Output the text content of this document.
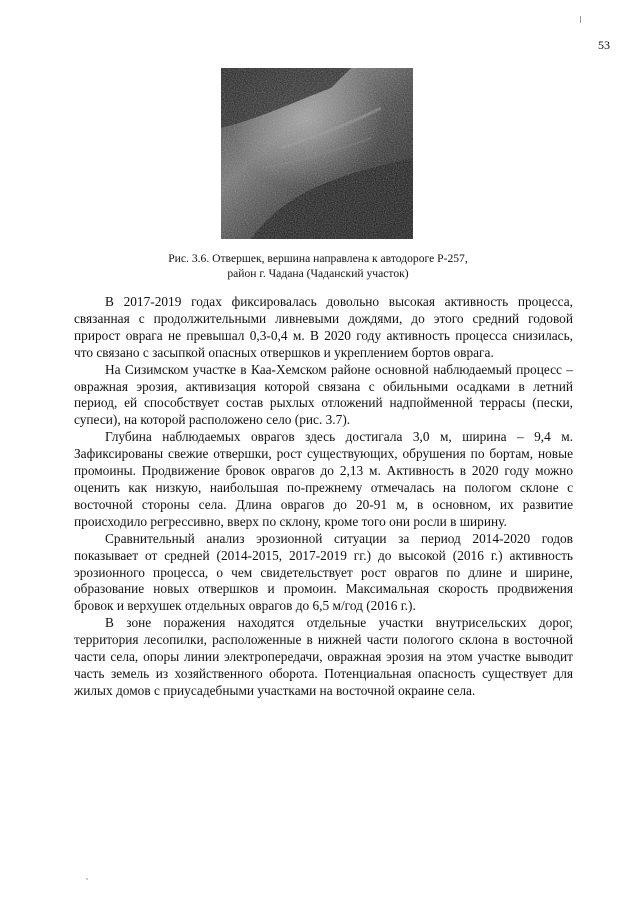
53

Рис. 3.6. Отвершек, вершина направлена к автодороге Р-257,

район г. Чадана (Чаданский участок)

В 2017-2019 годах фиксировалась довольно высокая активность процесса, связанная с продолжительными ливневыми дождями, до этого средний годовой прирост оврага не превышал 0,3-0,4 м. В 2020 году активность процесса снизилась, что связано с засыпкой опасных отвершков и укреплением бортов оврага.

На Сизимском участке в Каа-Хемском районе основной наблюдаемый процесс – овражная эрозия, активизация которой связана с обильными осадками в летний период, ей способствует состав рыхлых отложений надпойменной террасы (пески, супеси), на которой расположено село (рис. 3.7).

Глубина наблюдаемых оврагов здесь достигала 3,0 м, ширина – 9,4 м. Зафиксированы свежие отвершки, рост существующих, обрушения по бортам, новые промоины. Продвижение бровок оврагов до 2,13 м. Активность в 2020 году можно оценить как низкую, наибольшая по-прежнему отмечалась на пологом склоне с восточной стороны села. Длина оврагов до 20-91 м, в основном, их развитие происходило регрессивно, вверх по склону, кроме того они росли в ширину.

Сравнительный анализ эрозионной ситуации за период 2014-2020 годов показывает от средней (2014-2015, 2017-2019 гг.) до высокой (2016 г.) активность эрозионного процесса, о чем свидетельствует рост оврагов по длине и ширине, образование новых отвершков и промоин. Максимальная скорость продвижения бровок и верхушек отдельных оврагов до 6,5 м/год (2016 г.).

В зоне поражения находятся отдельные участки внутрисельских дорог, территория лесопилки, расположенные в нижней части пологого склона в восточной части села, опоры линии электропередачи, овражная эрозия на этом участке выводит часть земель из хозяйственного оборота. Потенциальная опасность существует для жилых домов с приусадебными участками на восточной окраине села.
